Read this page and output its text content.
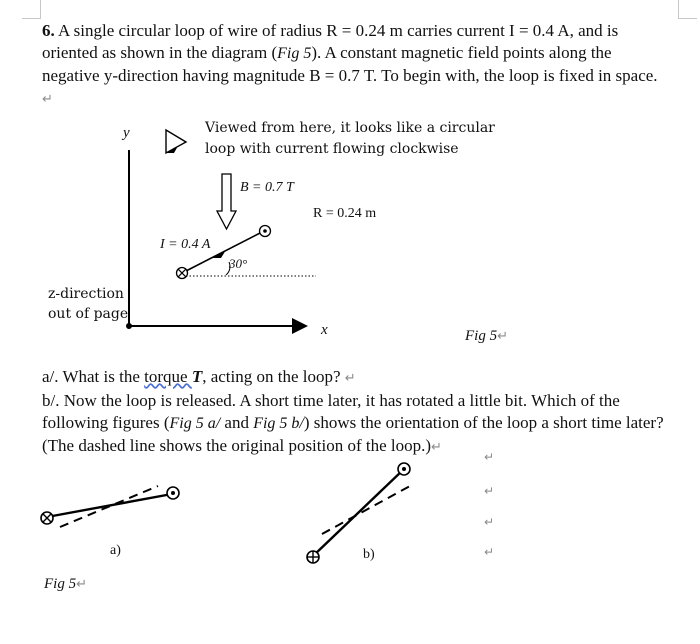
6. A single circular loop of wire of radius R = 0.24 m carries current I = 0.4 A, and is oriented as shown in the diagram (Fig 5). A constant magnetic field points along the negative y-direction having magnitude B = 0.7 T. To begin with, the loop is fixed in space. ↵

y
x
z-direction
out of page
Viewed from here, it looks like a circular
loop with current flowing clockwise
B = 0.7 T
R = 0.24 m
I = 0.4 A
30°
Fig 5↵

a/. What is the torque T, acting on the loop? ↵
b/. Now the loop is released. A short time later, it has rotated a little bit. Which of the following figures (Fig 5 a/ and Fig 5 b/) shows the orientation of the loop a short time later? (The dashed line shows the original position of the loop.)↵

a)	b)
Fig 5↵
↵
↵
↵
↵
